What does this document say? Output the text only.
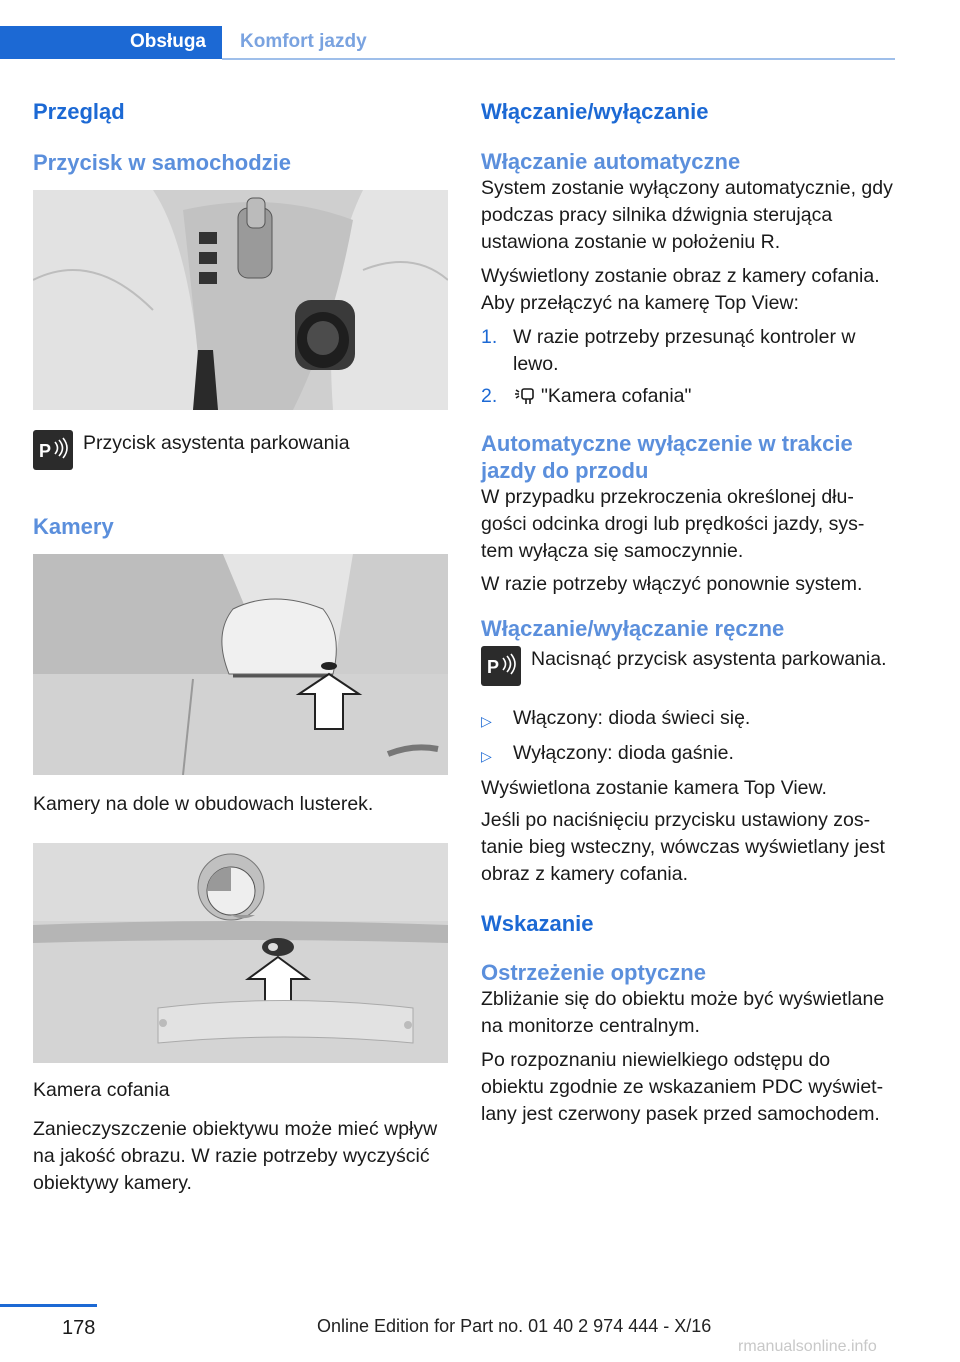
Obsługa	Komfort jazdy
Przegląd
Przycisk w samochodzie
P Przycisk asystenta parkowania

Kamery

Kamery na dole w obudowach lusterek.

Kamera cofania

Zanieczyszczenie obiektywu może mieć wpływ na jakość obrazu. W razie potrzeby wyczyścić obiektywy kamery.

Włączanie/wyłączanie
Włączanie automatyczne

System zostanie wyłączony automatycznie, gdy podczas pracy silnika dźwignia sterująca ustawiona zostanie w położeniu R.

Wyświetlony zostanie obraz z kamery cofania. Aby przełączyć na kamerę Top View:

1. W razie potrzeby przesunąć kontroler w lewo.
2.	"Kamera cofania"
Automatyczne wyłączenie w trakcie jazdy do przodu

W przypadku przekroczenia określonej dłu-gości odcinka drogi lub prędkości jazdy, sys-tem wyłącza się samoczynnie.

W razie potrzeby włączyć ponownie system.

Włączanie/wyłączanie ręczne
P Nacisnąć przycisk asystenta parkowania.

▷	Włączony: dioda świeci się.
▷	Wyłączony: dioda gaśnie.

Wyświetlona zostanie kamera Top View.

Jeśli po naciśnięciu przycisku ustawiony zos-tanie bieg wsteczny, wówczas wyświetlany jest obraz z kamery cofania.

Wskazanie
Ostrzeżenie optyczne

Zbliżanie się do obiektu może być wyświetlane na monitorze centralnym.

Po rozpoznaniu niewielkiego odstępu do obiektu zgodnie ze wskazaniem PDC wyświet-lany jest czerwony pasek przed samochodem.

178	Online Edition for Part no. 01 40 2 974 444 - X/16
rmanualsonline.info
